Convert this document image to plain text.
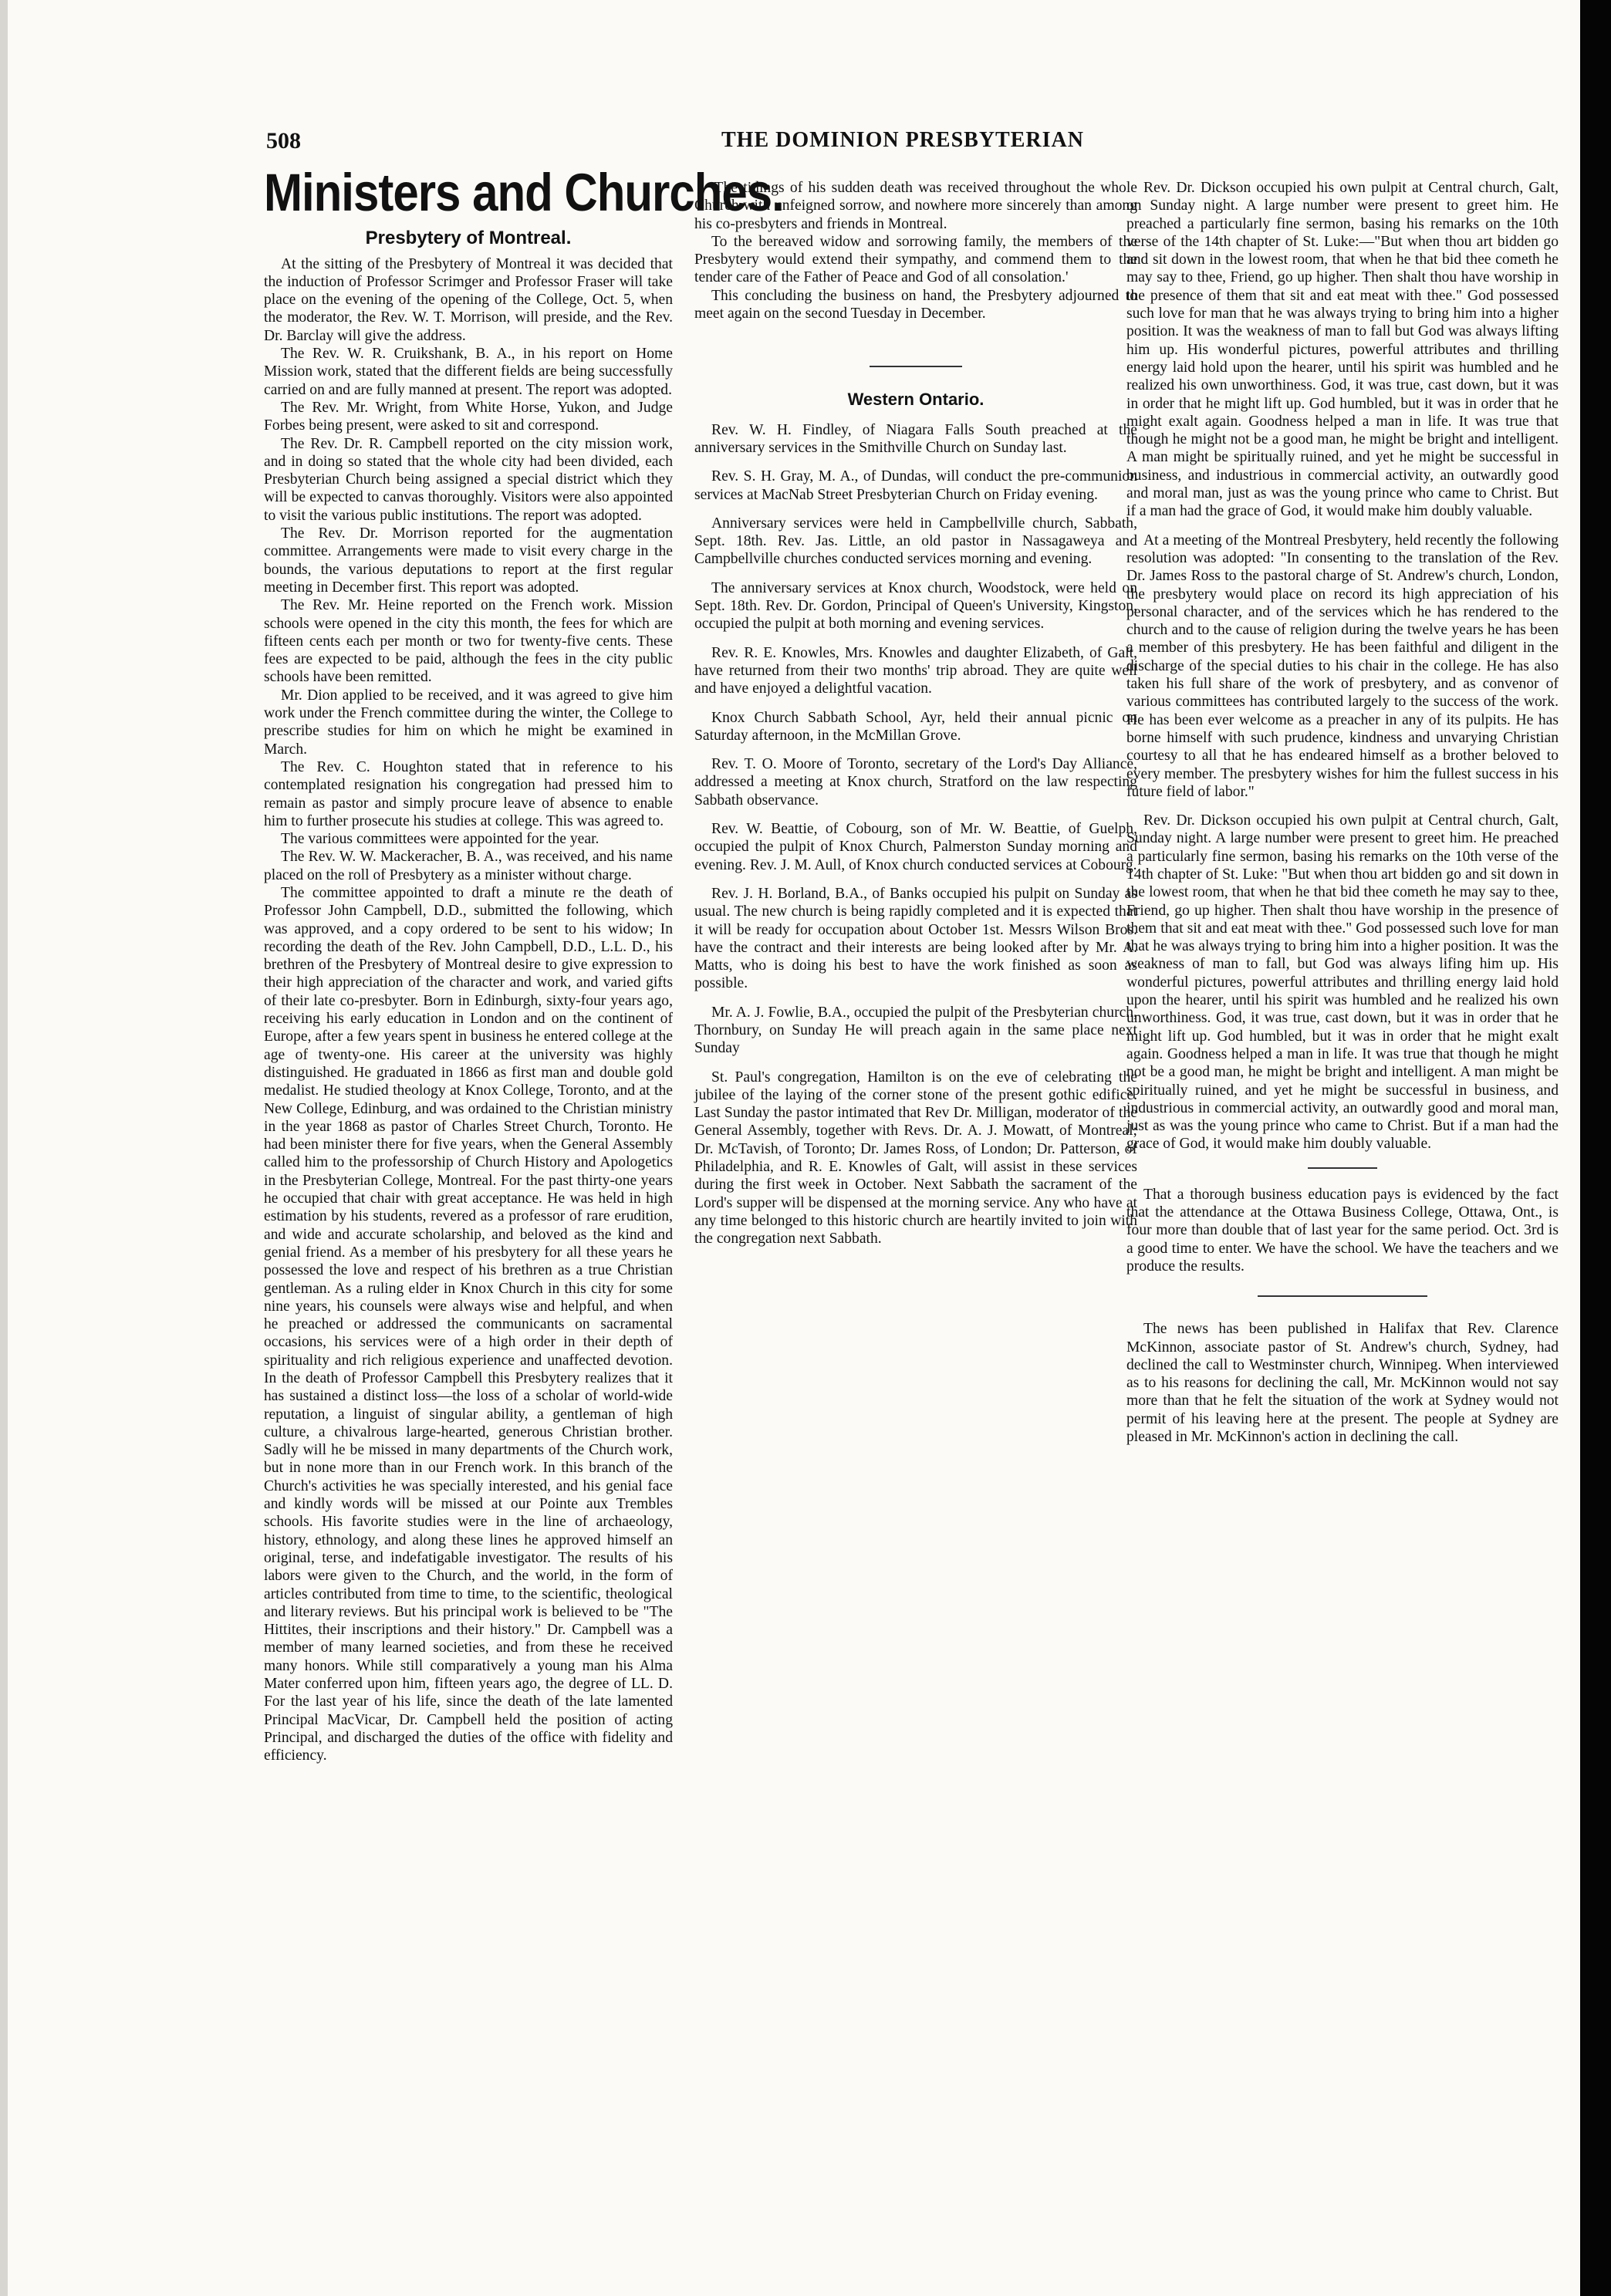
508	THE DOMINION PRESBYTERIAN
Ministers and Churches.
Presbytery of Montreal.

At the sitting of the Presbytery of Montreal it was decided that the induction of Professor Scrimger and Professor Fraser will take place on the evening of the opening of the College, Oct. 5, when the moderator, the Rev. W. T. Morrison, will preside, and the Rev. Dr. Barclay will give the address.

The Rev. W. R. Cruikshank, B. A., in his report on Home Mission work, stated that the different fields are being successfully carried on and are fully manned at present. The report was adopted.

The Rev. Mr. Wright, from White Horse, Yukon, and Judge Forbes being present, were asked to sit and correspond.

The Rev. Dr. R. Campbell reported on the city mission work, and in doing so stated that the whole city had been divided, each Presbyterian Church being assigned a special district which they will be expected to canvas thoroughly. Visitors were also appointed to visit the various public institutions. The report was adopted.

The Rev. Dr. Morrison reported for the augmentation committee. Arrangements were made to visit every charge in the bounds, the various deputations to report at the first regular meeting in December first. This report was adopted.

The Rev. Mr. Heine reported on the French work. Mission schools were opened in the city this month, the fees for which are fifteen cents each per month or two for twenty-five cents. These fees are expected to be paid, although the fees in the city public schools have been remitted.

Mr. Dion applied to be received, and it was agreed to give him work under the French committee during the winter, the College to prescribe studies for him on which he might be examined in March.

The Rev. C. Houghton stated that in reference to his contemplated resignation his congregation had pressed him to remain as pastor and simply procure leave of absence to enable him to further prosecute his studies at college. This was agreed to.

The various committees were appointed for the year.

The Rev. W. W. Mackeracher, B. A., was received, and his name placed on the roll of Presbytery as a minister without charge.

The committee appointed to draft a minute re the death of Professor John Campbell, D.D., submitted the following, which was approved, and a copy ordered to be sent to his widow; In recording the death of the Rev. John Campbell, D.D., L.L. D., his brethren of the Presbytery of Montreal desire to give expression to their high appreciation of the character and work, and varied gifts of their late co-presbyter. Born in Edinburgh, sixty-four years ago, receiving his early education in London and on the continent of Europe, after a few years spent in business he entered college at the age of twenty-one. His career at the university was highly distinguished. He graduated in 1866 as first man and double gold medalist. He studied theology at Knox College, Toronto, and at the New College, Edinburg, and was ordained to the Christian ministry in the year 1868 as pastor of Charles Street Church, Toronto. He had been minister there for five years, when the General Assembly called him to the professorship of Church History and Apologetics in the Presbyterian College, Montreal. For the past thirty-one years he occupied that chair with great acceptance. He was held in high estimation by his students, revered as a professor of rare erudition, and wide and accurate scholarship, and beloved as the kind and genial friend. As a member of his presbytery for all these years he possessed the love and respect of his brethren as a true Christian gentleman. As a ruling elder in Knox Church in this city for some nine years, his counsels were always wise and helpful, and when he preached or addressed the communicants on sacramental occasions, his services were of a high order in their depth of spirituality and rich religious experience and unaffected devotion. In the death of Professor Campbell this Presbytery realizes that it has sustained a distinct loss—the loss of a scholar of world-wide reputation, a linguist of singular ability, a gentleman of high culture, a chivalrous large-hearted, generous Christian brother. Sadly will he be missed in many departments of the Church work, but in none more than in our French work. In this branch of the Church's activities he was specially interested, and his genial face and kindly words will be missed at our Pointe aux Trembles schools. His favorite studies were in the line of archaeology, history, ethnology, and along these lines he approved himself an original, terse, and indefatigable investigator. The results of his labors were given to the Church, and the world, in the form of articles contributed from time to time, to the scientific, theological and literary reviews. But his principal work is believed to be "The Hittites, their inscriptions and their history." Dr. Campbell was a member of many learned societies, and from these he received many honors. While still comparatively a young man his Alma Mater conferred upon him, fifteen years ago, the degree of LL. D. For the last year of his life, since the death of the late lamented Principal MacVicar, Dr. Campbell held the position of acting Principal, and discharged the duties of the office with fidelity and efficiency.

'The tidings of his sudden death was received throughout the whole Church with unfeigned sorrow, and nowhere more sincerely than among his co-presbyters and friends in Montreal.

To the bereaved widow and sorrowing family, the members of the Presbytery would extend their sympathy, and commend them to the tender care of the Father of Peace and God of all consolation.'

This concluding the business on hand, the Presbytery adjourned to meet again on the second Tuesday in December.

Western Ontario.

Rev. W. H. Findley, of Niagara Falls South preached at the anniversary services in the Smithville Church on Sunday last.

Rev. S. H. Gray, M. A., of Dundas, will conduct the pre-communion services at MacNab Street Presbyterian Church on Friday evening.

Anniversary services were held in Campbellville church, Sabbath, Sept. 18th. Rev. Jas. Little, an old pastor in Nassagaweya and Campbellville churches conducted services morning and evening.

The anniversary services at Knox church, Woodstock, were held on Sept. 18th. Rev. Dr. Gordon, Principal of Queen's University, Kingston, occupied the pulpit at both morning and evening services.

Rev. R. E. Knowles, Mrs. Knowles and daughter Elizabeth, of Galt, have returned from their two months' trip abroad. They are quite well and have enjoyed a delightful vacation.

Knox Church Sabbath School, Ayr, held their annual picnic on Saturday afternoon, in the McMillan Grove.

Rev. T. O. Moore of Toronto, secretary of the Lord's Day Alliance, addressed a meeting at Knox church, Stratford on the law respecting Sabbath observance.

Rev. W. Beattie, of Cobourg, son of Mr. W. Beattie, of Guelph, occupied the pulpit of Knox Church, Palmerston Sunday morning and evening. Rev. J. M. Aull, of Knox church conducted services at Cobourg.

Rev. J. H. Borland, B.A., of Banks occupied his pulpit on Sunday as usual. The new church is being rapidly completed and it is expected that it will be ready for occupation about October 1st. Messrs Wilson Bros. have the contract and their interests are being looked after by Mr. A. Matts, who is doing his best to have the work finished as soon as possible.

Mr. A. J. Fowlie, B.A., occupied the pulpit of the Presbyterian church, Thornbury, on Sunday He will preach again in the same place next Sunday

St. Paul's congregation, Hamilton is on the eve of celebrating the jubilee of the laying of the corner stone of the present gothic edifice. Last Sunday the pastor intimated that Rev Dr. Milligan, moderator of the General Assembly, together with Revs. Dr. A. J. Mowatt, of Montreal; Dr. McTavish, of Toronto; Dr. James Ross, of London; Dr. Patterson, of Philadelphia, and R. E. Knowles of Galt, will assist in these services during the first week in October. Next Sabbath the sacrament of the Lord's supper will be dispensed at the morning service. Any who have at any time belonged to this historic church are heartily invited to join with the congregation next Sabbath.

Rev. Dr. Dickson occupied his own pulpit at Central church, Galt, on Sunday night. A large number were present to greet him. He preached a particularly fine sermon, basing his remarks on the 10th verse of the 14th chapter of St. Luke:—"But when thou art bidden go and sit down in the lowest room, that when he that bid thee cometh he may say to thee, Friend, go up higher. Then shalt thou have worship in the presence of them that sit and eat meat with thee." God possessed such love for man that he was always trying to bring him into a higher position. It was the weakness of man to fall but God was always lifting him up. His wonderful pictures, powerful attributes and thrilling energy laid hold upon the hearer, until his spirit was humbled and he realized his own unworthiness. God, it was true, cast down, but it was in order that he might lift up. God humbled, but it was in order that he might exalt again. Goodness helped a man in life. It was true that though he might not be a good man, he might be bright and intelligent. A man might be spiritually ruined, and yet he might be successful in business, and industrious in commercial activity, an outwardly good and moral man, just as was the young prince who came to Christ. But if a man had the grace of God, it would make him doubly valuable.

At a meeting of the Montreal Presbytery, held recently the following resolution was adopted: "In consenting to the translation of the Rev. Dr. James Ross to the pastoral charge of St. Andrew's church, London, the presbytery would place on record its high appreciation of his personal character, and of the services which he has rendered to the church and to the cause of religion during the twelve years he has been a member of this presbytery. He has been faithful and diligent in the discharge of the special duties to his chair in the college. He has also taken his full share of the work of presbytery, and as convenor of various committees has contributed largely to the success of the work. He has been ever welcome as a preacher in any of its pulpits. He has borne himself with such prudence, kindness and unvarying Christian courtesy to all that he has endeared himself as a brother beloved to every member. The presbytery wishes for him the fullest success in his future field of labor."

Rev. Dr. Dickson occupied his own pulpit at Central church, Galt, Sunday night. A large number were present to greet him. He preached a particularly fine sermon, basing his remarks on the 10th verse of the 14th chapter of St. Luke: "But when thou art bidden go and sit down in the lowest room, that when he that bid thee cometh he may say to thee, Friend, go up higher. Then shalt thou have worship in the presence of them that sit and eat meat with thee." God possessed such love for man that he was always trying to bring him into a higher position. It was the weakness of man to fall, but God was always lifing him up. His wonderful pictures, powerful attributes and thrilling energy laid hold upon the hearer, until his spirit was humbled and he realized his own unworthiness. God, it was true, cast down, but it was in order that he might lift up. God humbled, but it was in order that he might exalt again. Goodness helped a man in life. It was true that though he might not be a good man, he might be bright and intelligent. A man might be spiritually ruined, and yet he might be successful in business, and industrious in commercial activity, an outwardly good and moral man, just as was the young prince who came to Christ. But if a man had the grace of God, it would make him doubly valuable.

That a thorough business education pays is evidenced by the fact that the attendance at the Ottawa Business College, Ottawa, Ont., is four more than double that of last year for the same period. Oct. 3rd is a good time to enter. We have the school. We have the teachers and we produce the results.

The news has been published in Halifax that Rev. Clarence McKinnon, associate pastor of St. Andrew's church, Sydney, had declined the call to Westminster church, Winnipeg. When interviewed as to his reasons for declining the call, Mr. McKinnon would not say more than that he felt the situation of the work at Sydney would not permit of his leaving here at the present. The people at Sydney are pleased in Mr. McKinnon's action in declining the call.
